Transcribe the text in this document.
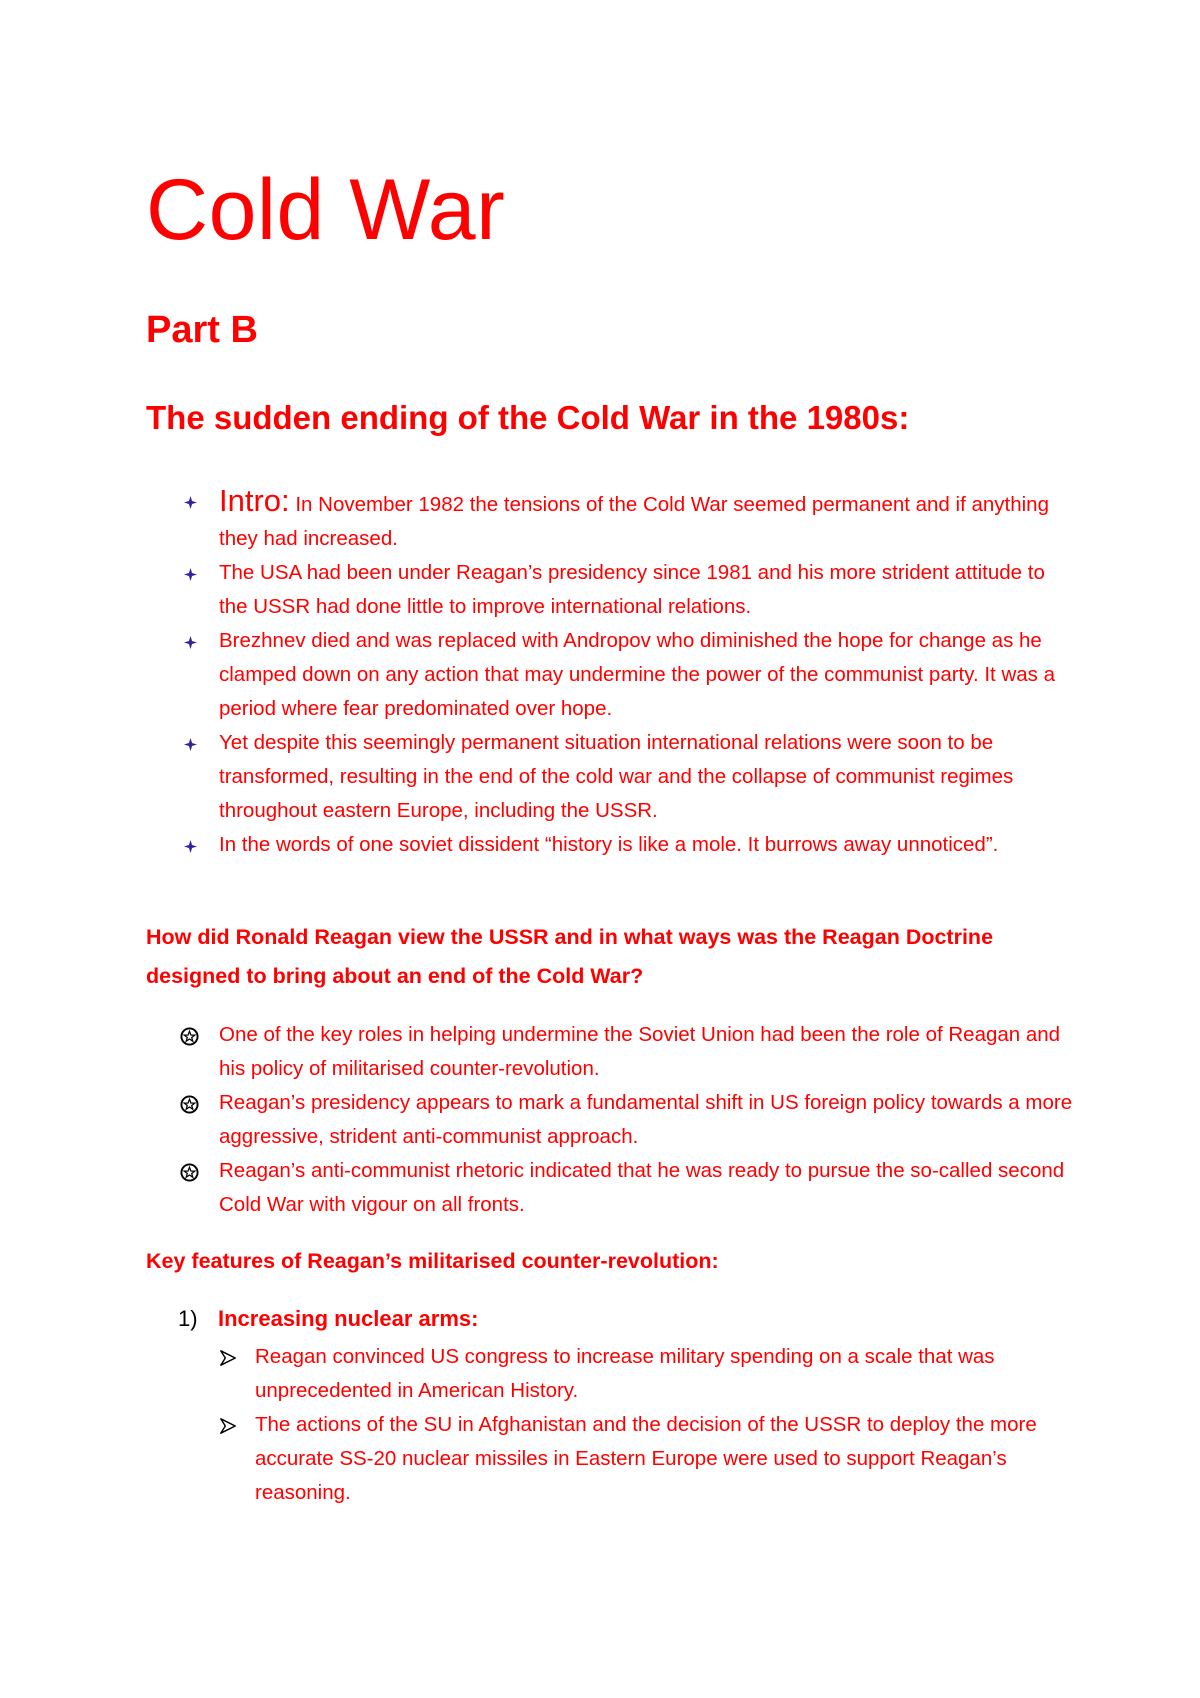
Cold War
Part B
The sudden ending of the Cold War in the 1980s:
Intro: In November 1982 the tensions of the Cold War seemed permanent and if anything they had increased.
The USA had been under Reagan’s presidency since 1981 and his more strident attitude to the USSR had done little to improve international relations.
Brezhnev died and was replaced with Andropov who diminished the hope for change as he clamped down on any action that may undermine the power of the communist party. It was a period where fear predominated over hope.
Yet despite this seemingly permanent situation international relations were soon to be transformed, resulting in the end of the cold war and the collapse of communist regimes throughout eastern Europe, including the USSR.
In the words of one soviet dissident “history is like a mole. It burrows away unnoticed”.

How did Ronald Reagan view the USSR and in what ways was the Reagan Doctrine designed to bring about an end of the Cold War?

One of the key roles in helping undermine the Soviet Union had been the role of Reagan and his policy of militarised counter-revolution.
Reagan’s presidency appears to mark a fundamental shift in US foreign policy towards a more aggressive, strident anti-communist approach.
Reagan’s anti-communist rhetoric indicated that he was ready to pursue the so-called second Cold War with vigour on all fronts.

Key features of Reagan’s militarised counter-revolution:

1) Increasing nuclear arms:
Reagan convinced US congress to increase military spending on a scale that was unprecedented in American History.
The actions of the SU in Afghanistan and the decision of the USSR to deploy the more accurate SS-20 nuclear missiles in Eastern Europe were used to support Reagan’s reasoning.
